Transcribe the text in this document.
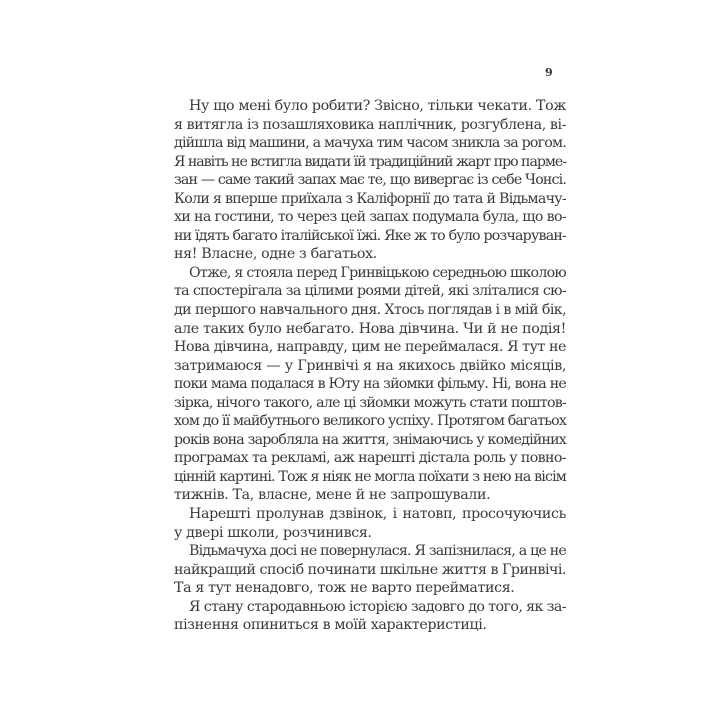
9
Ну що мені було робити? Звісно, тільки чекати. Тож
я витягла із позашляховика наплічник, розгублена, ві-
дійшла від машини, а мачуха тим часом зникла за рогом.
Я навіть не встигла видати їй традиційний жарт про парме-
зан — саме такий запах має те, що вивергає із себе Чонсі.
Коли я вперше приїхала з Каліфорнії до тата й Відьмачу-
хи на гостини, то через цей запах подумала була, що во-
ни їдять багато італійської їжі. Яке ж то було розчаруван-
ня! Власне, одне з багатьох.
Отже, я стояла перед Гринвіцькою середньою школою
та спостерігала за цілими роями дітей, які зліталися сю-
ди першого навчального дня. Хтось поглядав і в мій бік,
але таких було небагато. Нова дівчина. Чи й не подія!
Нова дівчина, направду, цим не переймалася. Я тут не
затримаюся — у Гринвічі я на якихось двійко місяців,
поки мама подалася в Юту на зйомки фільму. Ні, вона не
зірка, нічого такого, але ці зйомки можуть стати поштов-
хом до її майбутнього великого успіху. Протягом багатьох
років вона заробляла на життя, знімаючись у комедійних
програмах та рекламі, аж нарешті дістала роль у повно-
цінній картині. Тож я ніяк не могла поїхати з нею на вісім
тижнів. Та, власне, мене й не запрошували.
Нарешті пролунав дзвінок, і натовп, просочуючись
у двері школи, розчинився.
Відьмачуха досі не повернулася. Я запізнилася, а це не
найкращий спосіб починати шкільне життя в Гринвічі.
Та я тут ненадовго, тож не варто перейматися.
Я стану стародавньою історією задовго до того, як за-
пізнення опиниться в моїй характеристиці.
